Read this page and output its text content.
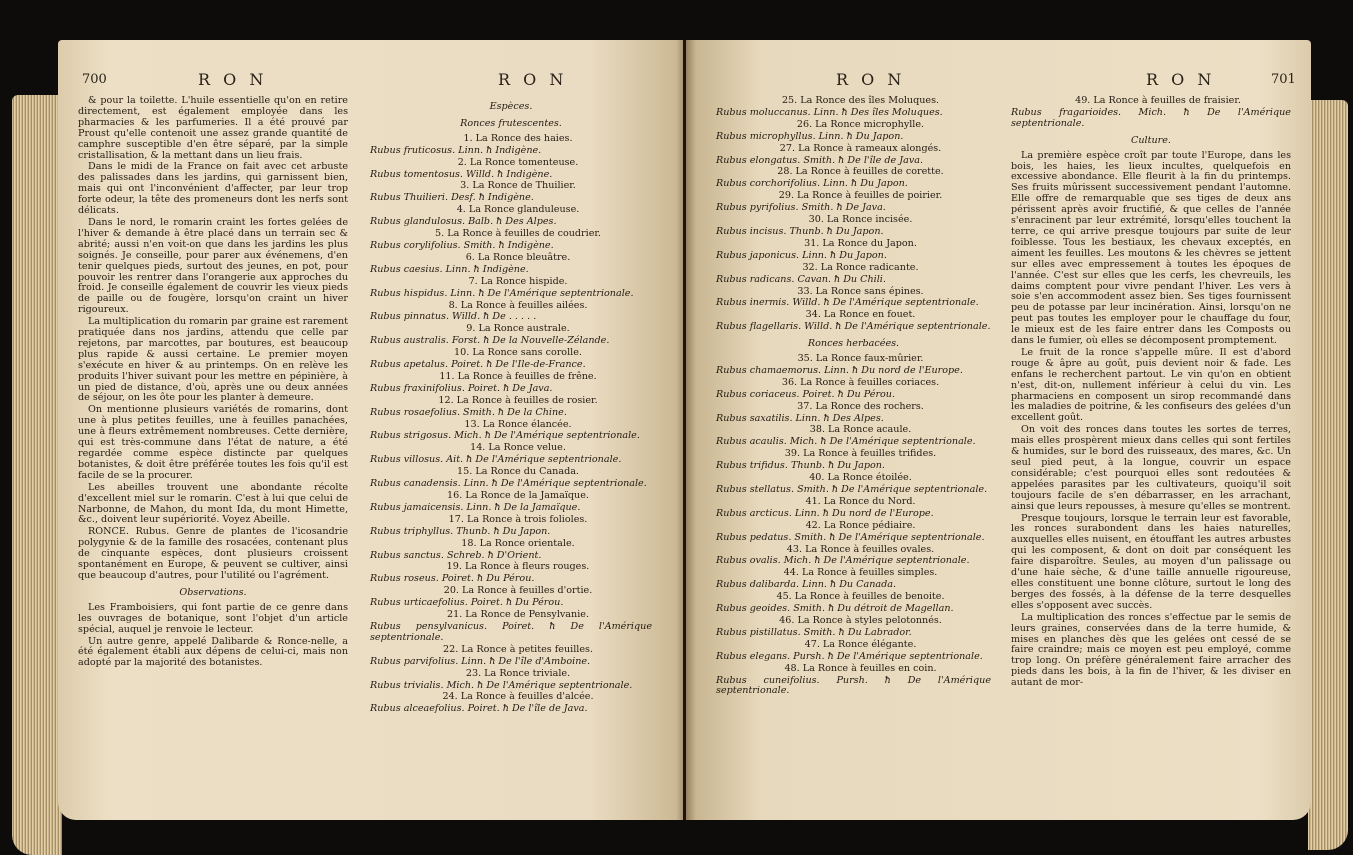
700	R O N	R O N

& pour la toilette. L'huile essentielle qu'on en retire directement, est également employée dans les pharmacies & les parfumeries. Il a été prouvé par Proust qu'elle contenoit une assez grande quantité de camphre susceptible d'en être séparé, par la simple cristallisation, & la mettant dans un lieu frais.

Dans le midi de la France on fait avec cet arbuste des palissades dans les jardins, qui garnissent bien, mais qui ont l'inconvénient d'affecter, par leur trop forte odeur, la tête des promeneurs dont les nerfs sont délicats.

Dans le nord, le romarin craint les fortes gelées de l'hiver & demande à être placé dans un terrain sec & abrité; aussi n'en voit-on que dans les jardins les plus soignés. Je conseille, pour parer aux événemens, d'en tenir quelques pieds, surtout des jeunes, en pot, pour pouvoir les rentrer dans l'orangerie aux approches du froid. Je conseille également de couvrir les vieux pieds de paille ou de fougère, lorsqu'on craint un hiver rigoureux.

La multiplication du romarin par graine est rarement pratiquée dans nos jardins, attendu que celle par rejetons, par marcottes, par boutures, est beaucoup plus rapide & aussi certaine. Le premier moyen s'exécute en hiver & au printemps. On en relève les produits l'hiver suivant pour les mettre en pépinière, à un pied de distance, d'où, après une ou deux années de séjour, on les ôte pour les planter à demeure.

On mentionne plusieurs variétés de romarins, dont une à plus petites feuilles, une à feuilles panachées, une à fleurs extrêmement nombreuses. Cette dernière, qui est très-commune dans l'état de nature, a été regardée comme espèce distincte par quelques botanistes, & doit être préférée toutes les fois qu'il est facile de se la procurer.

Les abeilles trouvent une abondante récolte d'excellent miel sur le romarin. C'est à lui que celui de Narbonne, de Mahon, du mont Ida, du mont Himette, &c., doivent leur supériorité. Voyez Abeille.

RONCE. Rubus. Genre de plantes de l'icosandrie polygynie & de la famille des rosacées, contenant plus de cinquante espèces, dont plusieurs croissent spontanément en Europe, & peuvent se cultiver, ainsi que beaucoup d'autres, pour l'utilité ou l'agrément.

Observations.

Les Framboisiers, qui font partie de ce genre dans les ouvrages de botanique, sont l'objet d'un article spécial, auquel je renvoie le lecteur.

Un autre genre, appelé Dalibarde & Ronce-nelle, a été également établi aux dépens de celui-ci, mais non adopté par la majorité des botanistes.

Espèces.

Ronces frutescentes.

1. La Ronce des haies.

Rubus fruticosus. Linn. ħ Indigène.

2. La Ronce tomenteuse.

Rubus tomentosus. Willd. ħ Indigène.

3. La Ronce de Thuilier.

Rubus Thuilieri. Desf. ħ Indigène.

4. La Ronce glanduleuse.

Rubus glandulosus. Balb. ħ Des Alpes.

5. La Ronce à feuilles de coudrier.

Rubus corylifolius. Smith. ħ Indigène.

6. La Ronce bleuâtre.

Rubus caesius. Linn. ħ Indigène.

7. La Ronce hispide.

Rubus hispidus. Linn. ħ De l'Amérique septentrionale.

8. La Ronce à feuilles ailées.

Rubus pinnatus. Willd. ħ De . . . . .

9. La Ronce australe.

Rubus australis. Forst. ħ De la Nouvelle-Zélande.

10. La Ronce sans corolle.

Rubus apetalus. Poiret. ħ De l'Ile-de-France.

11. La Ronce à feuilles de frêne.

Rubus fraxinifolius. Poiret. ħ De Java.

12. La Ronce à feuilles de rosier.

Rubus rosaefolius. Smith. ħ De la Chine.

13. La Ronce élancée.

Rubus strigosus. Mich. ħ De l'Amérique septentrionale.

14. La Ronce velue.

Rubus villosus. Ait. ħ De l'Amérique septentrionale.

15. La Ronce du Canada.

Rubus canadensis. Linn. ħ De l'Amérique septentrionale.

16. La Ronce de la Jamaïque.

Rubus jamaicensis. Linn. ħ De la Jamaïque.

17. La Ronce à trois folioles.

Rubus triphyllus. Thunb. ħ Du Japon.

18. La Ronce orientale.

Rubus sanctus. Schreb. ħ D'Orient.

19. La Ronce à fleurs rouges.

Rubus roseus. Poiret. ħ Du Pérou.

20. La Ronce à feuilles d'ortie.

Rubus urticaefolius. Poiret. ħ Du Pérou.

21. La Ronce de Pensylvanie.

Rubus pensylvanicus. Poiret. ħ De l'Amérique septentrionale.

22. La Ronce à petites feuilles.

Rubus parvifolius. Linn. ħ De l'île d'Amboine.

23. La Ronce triviale.

Rubus trivialis. Mich. ħ De l'Amérique septentrionale.

24. La Ronce à feuilles d'alcée.

Rubus alceaefolius. Poiret. ħ De l'île de Java.

R O N	R O N	701

25. La Ronce des îles Moluques.

Rubus moluccanus. Linn. ħ Des îles Moluques.

26. La Ronce microphylle.

Rubus microphyllus. Linn. ħ Du Japon.

27. La Ronce à rameaux alongés.

Rubus elongatus. Smith. ħ De l'île de Java.

28. La Ronce à feuilles de corette.

Rubus corchorifolius. Linn. ħ Du Japon.

29. La Ronce à feuilles de poirier.

Rubus pyrifolius. Smith. ħ De Java.

30. La Ronce incisée.

Rubus incisus. Thunb. ħ Du Japon.

31. La Ronce du Japon.

Rubus japonicus. Linn. ħ Du Japon.

32. La Ronce radicante.

Rubus radicans. Cavan. ħ Du Chili.

33. La Ronce sans épines.

Rubus inermis. Willd. ħ De l'Amérique septentrionale.

34. La Ronce en fouet.

Rubus flagellaris. Willd. ħ De l'Amérique septentrionale.

Ronces herbacées.

35. La Ronce faux-mûrier.

Rubus chamaemorus. Linn. ħ Du nord de l'Europe.

36. La Ronce à feuilles coriaces.

Rubus coriaceus. Poiret. ħ Du Pérou.

37. La Ronce des rochers.

Rubus saxatilis. Linn. ħ Des Alpes.

38. La Ronce acaule.

Rubus acaulis. Mich. ħ De l'Amérique septentrionale.

39. La Ronce à feuilles trifides.

Rubus trifidus. Thunb. ħ Du Japon.

40. La Ronce étoilée.

Rubus stellatus. Smith. ħ De l'Amérique septentrionale.

41. La Ronce du Nord.

Rubus arcticus. Linn. ħ Du nord de l'Europe.

42. La Ronce pédiaire.

Rubus pedatus. Smith. ħ De l'Amérique septentrionale.

43. La Ronce à feuilles ovales.

Rubus ovalis. Mich. ħ De l'Amérique septentrionale.

44. La Ronce à feuilles simples.

Rubus dalibarda. Linn. ħ Du Canada.

45. La Ronce à feuilles de benoite.

Rubus geoides. Smith. ħ Du détroit de Magellan.

46. La Ronce à styles pelotonnés.

Rubus pistillatus. Smith. ħ Du Labrador.

47. La Ronce élégante.

Rubus elegans. Pursh. ħ De l'Amérique septentrionale.

48. La Ronce à feuilles en coin.

Rubus cuneifolius. Pursh. ħ De l'Amérique septentrionale.

49. La Ronce à feuilles de fraisier.

Rubus fragarioides. Mich. ħ De l'Amérique septentrionale.

Culture.

La première espèce croît par toute l'Europe, dans les bois, les haies, les lieux incultes, quelquefois en excessive abondance. Elle fleurit à la fin du printemps. Ses fruits mûrissent successivement pendant l'automne. Elle offre de remarquable que ses tiges de deux ans périssent après avoir fructifié, & que celles de l'année s'enracinent par leur extrémité, lorsqu'elles touchent la terre, ce qui arrive presque toujours par suite de leur foiblesse. Tous les bestiaux, les chevaux exceptés, en aiment les feuilles. Les moutons & les chèvres se jettent sur elles avec empressement à toutes les époques de l'année. C'est sur elles que les cerfs, les chevreuils, les daims comptent pour vivre pendant l'hiver. Les vers à soie s'en accommodent assez bien. Ses tiges fournissent peu de potasse par leur incinération. Ainsi, lorsqu'on ne peut pas toutes les employer pour le chauffage du four, le mieux est de les faire entrer dans les Composts ou dans le fumier, où elles se décomposent promptement.

Le fruit de la ronce s'appelle mûre. Il est d'abord rouge & âpre au goût, puis devient noir & fade. Les enfans le recherchent partout. Le vin qu'on en obtient n'est, dit-on, nullement inférieur à celui du vin. Les pharmaciens en composent un sirop recommandé dans les maladies de poitrine, & les confiseurs des gelées d'un excellent goût.

On voit des ronces dans toutes les sortes de terres, mais elles prospèrent mieux dans celles qui sont fertiles & humides, sur le bord des ruisseaux, des mares, &c. Un seul pied peut, à la longue, couvrir un espace considérable; c'est pourquoi elles sont redoutées & appelées parasites par les cultivateurs, quoiqu'il soit toujours facile de s'en débarrasser, en les arrachant, ainsi que leurs repousses, à mesure qu'elles se montrent.

Presque toujours, lorsque le terrain leur est favorable, les ronces surabondent dans les haies naturelles, auxquelles elles nuisent, en étouffant les autres arbustes qui les composent, & dont on doit par conséquent les faire disparoître. Seules, au moyen d'un palissage ou d'une haie sèche, & d'une taille annuelle rigoureuse, elles constituent une bonne clôture, surtout le long des berges des fossés, à la défense de la terre desquelles elles s'opposent avec succès.

La multiplication des ronces s'effectue par le semis de leurs graines, conservées dans de la terre humide, & mises en planches dès que les gelées ont cessé de se faire craindre; mais ce moyen est peu employé, comme trop long. On préfère généralement faire arracher des pieds dans les bois, à la fin de l'hiver, & les diviser en autant de mor-
